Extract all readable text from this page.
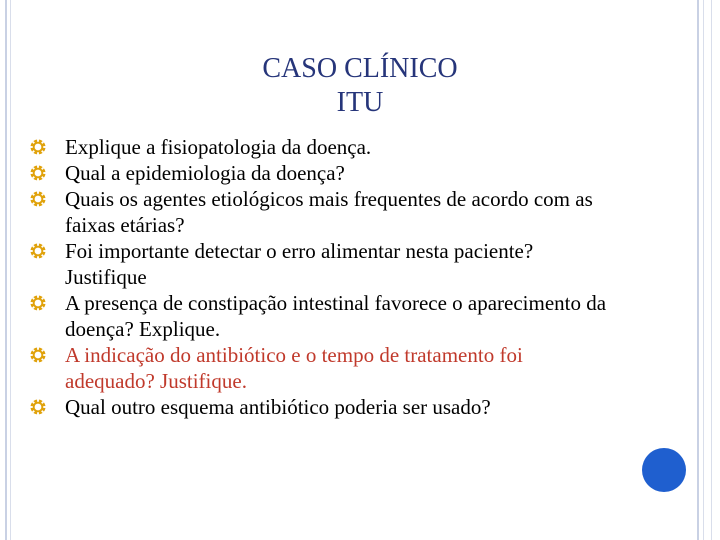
CASO CLÍNICO
ITU
Explique a fisiopatologia da doença.
Qual a epidemiologia da doença?
Quais os agentes etiológicos mais frequentes de acordo com as faixas etárias?
Foi importante detectar o erro alimentar nesta paciente? Justifique
A presença de constipação intestinal favorece o aparecimento da doença? Explique.
A indicação do antibiótico e o tempo de tratamento foi adequado? Justifique.
Qual outro esquema antibiótico poderia ser usado?
